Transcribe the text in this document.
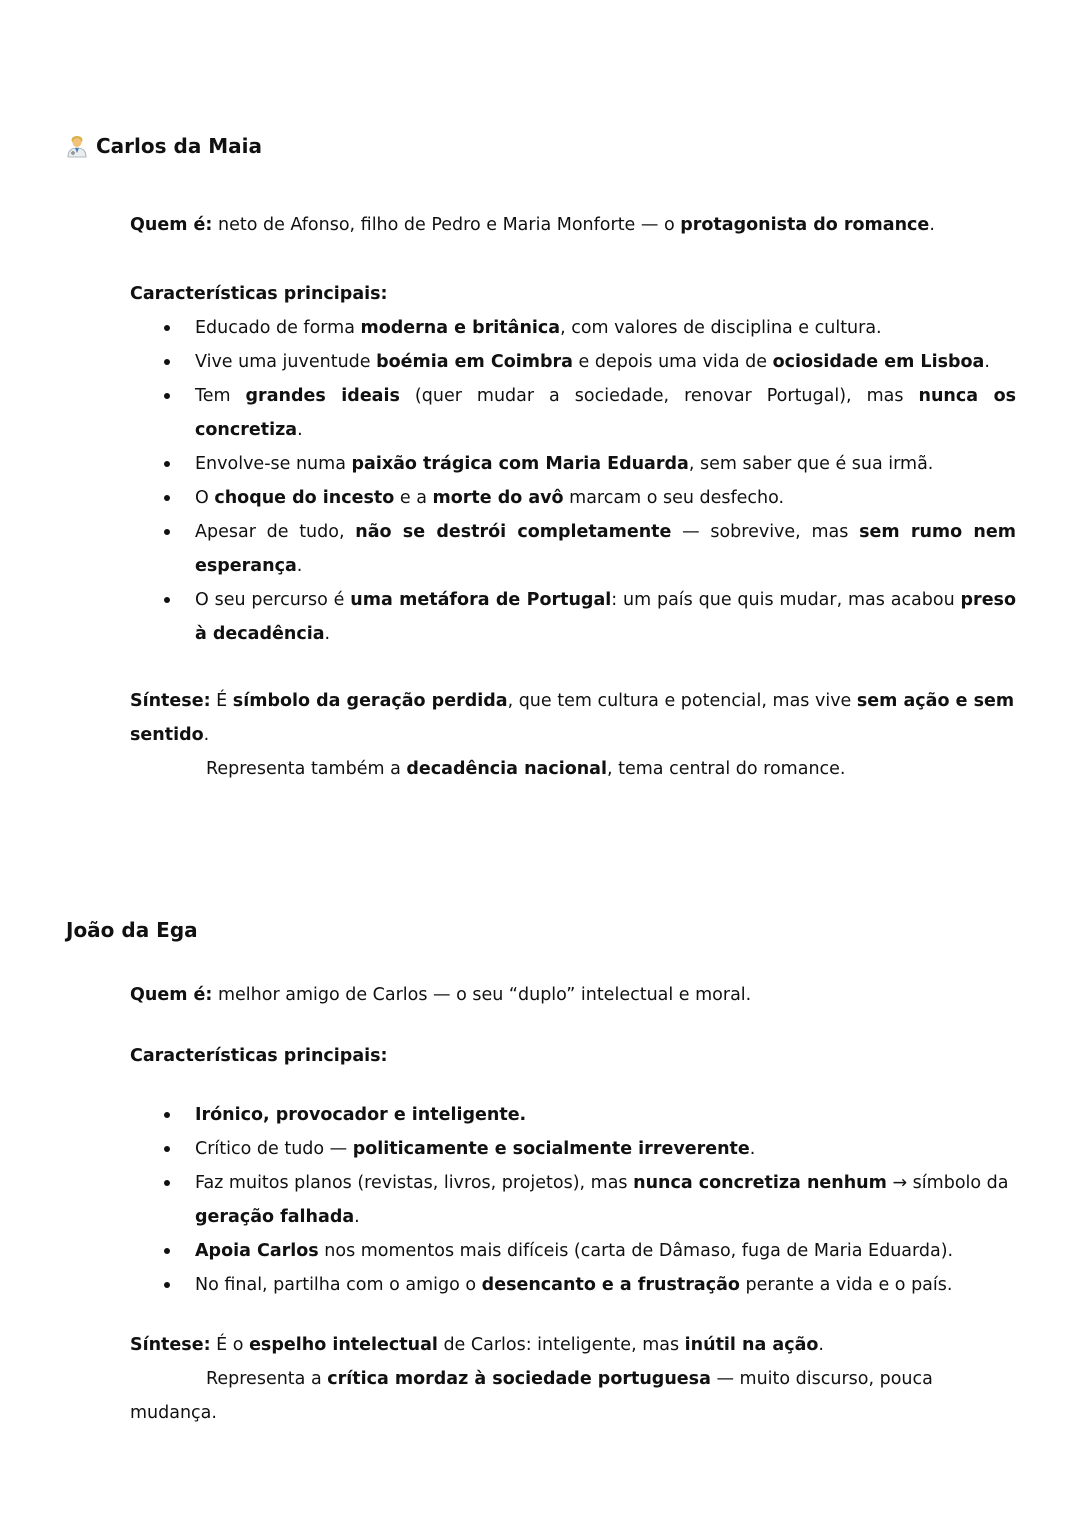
Carlos da Maia

Quem é: neto de Afonso, filho de Pedro e Maria Monforte — o protagonista do romance.

Características principais:

Educado de forma moderna e britânica, com valores de disciplina e cultura.
Vive uma juventude boémia em Coimbra e depois uma vida de ociosidade em Lisboa.
Tem grandes ideais (quer mudar a sociedade, renovar Portugal), mas nunca os concretiza.
Envolve-se numa paixão trágica com Maria Eduarda, sem saber que é sua irmã.
O choque do incesto e a morte do avô marcam o seu desfecho.
Apesar de tudo, não se destrói completamente — sobrevive, mas sem rumo nem esperança.
O seu percurso é uma metáfora de Portugal: um país que quis mudar, mas acabou preso à decadência.

Síntese: É símbolo da geração perdida, que tem cultura e potencial, mas vive sem ação e sem

sentido.

Representa também a decadência nacional, tema central do romance.

João da Ega

Quem é: melhor amigo de Carlos — o seu “duplo” intelectual e moral.

Características principais:

Irónico, provocador e inteligente.
Crítico de tudo — politicamente e socialmente irreverente.
Faz muitos planos (revistas, livros, projetos), mas nunca concretiza nenhum → símbolo da geração falhada.
Apoia Carlos nos momentos mais difíceis (carta de Dâmaso, fuga de Maria Eduarda).
No final, partilha com o amigo o desencanto e a frustração perante a vida e o país.

Síntese: É o espelho intelectual de Carlos: inteligente, mas inútil na ação.

Representa a crítica mordaz à sociedade portuguesa — muito discurso, pouca

mudança.
